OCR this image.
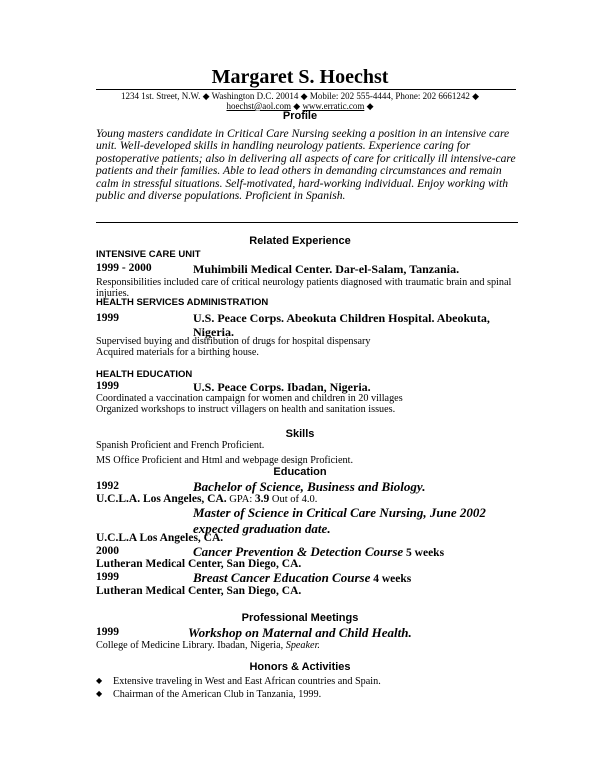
Margaret S. Hoechst
1234 1st. Street, N.W. ◆ Washington D.C. 20014 ◆ Mobile: 202 555-4444, Phone: 202 6661242 ◆
hoechst@aol.com ◆ www.erratic.com ◆
Profile
Young masters candidate in Critical Care Nursing seeking a position in an intensive care unit. Well-developed skills in handling neurology patients. Experience caring for postoperative patients; also in delivering all aspects of care for critically ill intensive-care patients and their families. Able to lead others in demanding circumstances and remain calm in stressful situations. Self-motivated, hard-working individual. Enjoy working with public and diverse populations. Proficient in Spanish.
Related Experience
INTENSIVE CARE UNIT
1999 - 2000	Muhimbili Medical Center. Dar-el-Salam, Tanzania.
Responsibilities included care of critical neurology patients diagnosed with traumatic brain and spinal injuries.
HEALTH SERVICES ADMINISTRATION
1999	U.S. Peace Corps. Abeokuta Children Hospital. Abeokuta, Nigeria.
Supervised buying and distribution of drugs for hospital dispensary
Acquired materials for a birthing house.
HEALTH EDUCATION
1999	U.S. Peace Corps. Ibadan, Nigeria.
Coordinated a vaccination campaign for women and children in 20 villages
Organized workshops to instruct villagers on health and sanitation issues.
Skills
Spanish Proficient and French Proficient.
MS Office Proficient and Html and webpage design Proficient.
Education
1992	Bachelor of Science, Business and Biology.
U.C.L.A. Los Angeles, CA. GPA: 3.9 Out of 4.0.
Master of Science in Critical Care Nursing, June 2002 expected graduation date.
U.C.L.A Los Angeles, CA.
2000	Cancer Prevention & Detection Course 5 weeks
Lutheran Medical Center, San Diego, CA.
1999	Breast Cancer Education Course 4 weeks
Lutheran Medical Center, San Diego, CA.
Professional Meetings
1999	Workshop on Maternal and Child Health.
College of Medicine Library. Ibadan, Nigeria, Speaker.
Honors & Activities
◆ Extensive traveling in West and East African countries and Spain.
◆ Chairman of the American Club in Tanzania, 1999.
